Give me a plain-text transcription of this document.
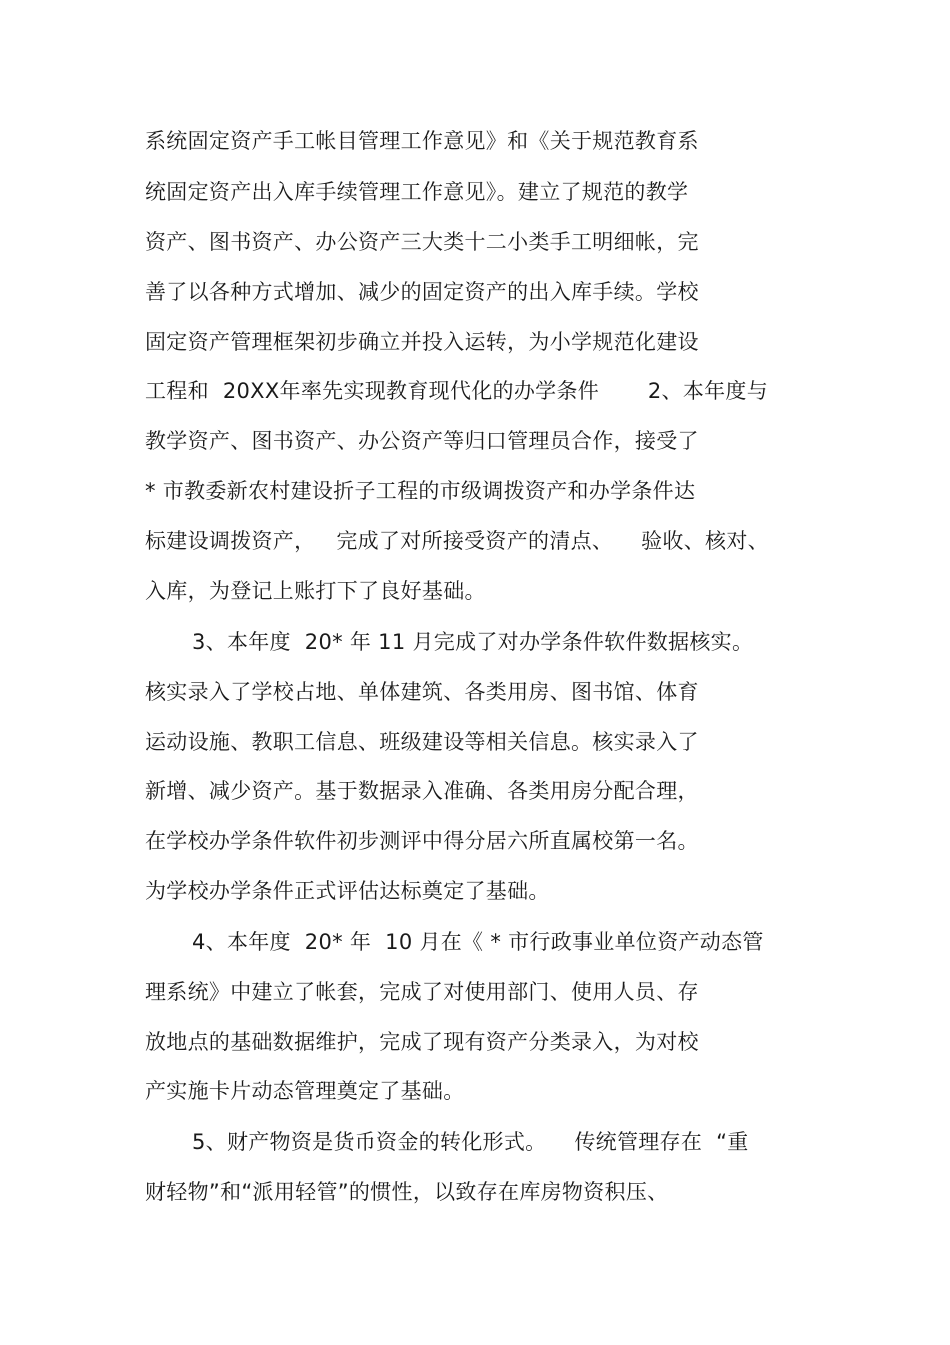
系统固定资产手工帐目管理工作意见》和《关于规范教育系
统固定资产出入库手续管理工作意见》。建立了规范的教学
资产、图书资产、办公资产三大类十二小类手工明细帐，完
善了以各种方式增加、减少的固定资产的出入库手续。学校
固定资产管理框架初步确立并投入运转，为小学规范化建设
工程和  20XX年率先实现教育现代化的办学条件       2、本年度与
教学资产、图书资产、办公资产等归口管理员合作，接受了
* 市教委新农村建设折子工程的市级调拨资产和办学条件达
标建设调拨资产，   完成了对所接受资产的清点、    验收、核对、
入库，为登记上账打下了良好基础。
3、本年度  20* 年 11 月完成了对办学条件软件数据核实。
核实录入了学校占地、单体建筑、各类用房、图书馆、体育
运动设施、教职工信息、班级建设等相关信息。核实录入了
新增、减少资产。基于数据录入准确、各类用房分配合理，
在学校办学条件软件初步测评中得分居六所直属校第一名。
为学校办学条件正式评估达标奠定了基础。
4、本年度  20* 年  10 月在《 * 市行政事业单位资产动态管
理系统》中建立了帐套，完成了对使用部门、使用人员、存
放地点的基础数据维护，完成了现有资产分类录入，为对校
产实施卡片动态管理奠定了基础。
5、财产物资是货币资金的转化形式。    传统管理存在  “重
财轻物”和“派用轻管”的惯性，以致存在库房物资积压、
